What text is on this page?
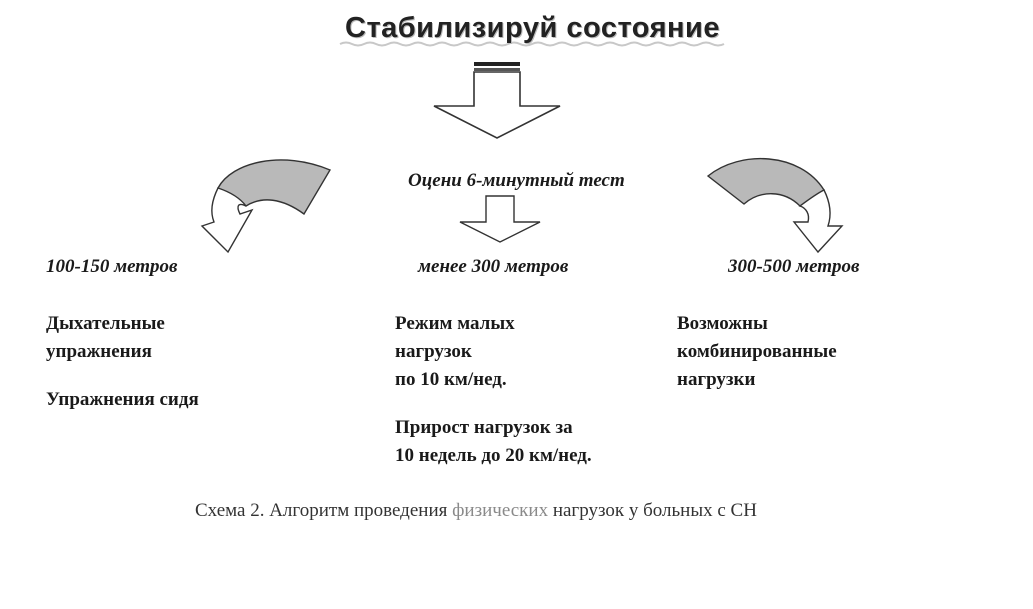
Стабилизируй состояние
Оцени 6-минутный тест
100-150 метров
Дыхательные
упражнения
Упражнения сидя
менее 300 метров
Режим малых
нагрузок
по 10 км/нед.
Прирост нагрузок за
10 недель до 20 км/нед.
300-500 метров
Возможны
комбинированные
нагрузки
Схема 2. Алгоритм проведения физических нагрузок у больных с СН
